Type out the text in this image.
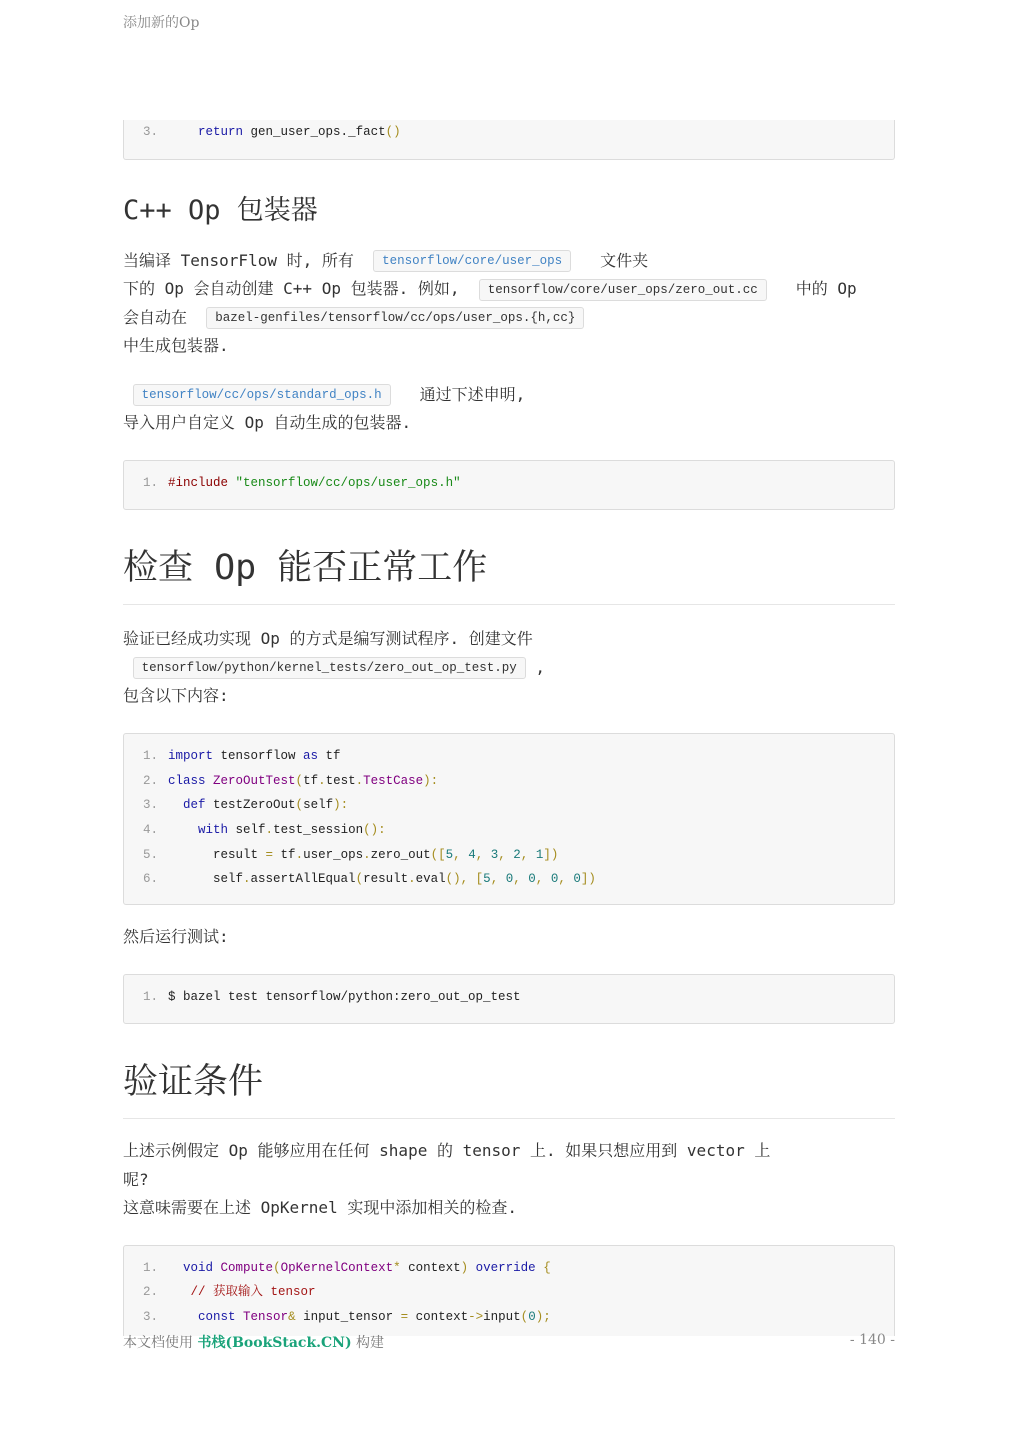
添加新的Op
3.	return gen_user_ops._fact()
C++ Op 包装器

当编译 TensorFlow 时, 所有 tensorflow/core/user_ops 文件夹

下的 Op 会自动创建 C++ Op 包装器. 例如, tensorflow/core/user_ops/zero_out.cc 中的 Op

会自动在 bazel-genfiles/tensorflow/cc/ops/user_ops.{h,cc}

中生成包装器.

tensorflow/cc/ops/standard_ops.h 通过下述申明,

导入用户自定义 Op 自动生成的包装器.

1. #include "tensorflow/cc/ops/user_ops.h"
检查 Op 能否正常工作

验证已经成功实现 Op 的方式是编写测试程序. 创建文件

tensorflow/python/kernel_tests/zero_out_op_test.py ,

包含以下内容:

1. import tensorflow as tf
2. class ZeroOutTest(tf.test.TestCase):
3. def testZeroOut(self):
4.	with self.test_session():
5.      result = tf.user_ops.zero_out([5, 4, 3, 2, 1])
6.      self.assertAllEqual(result.eval(), [5, 0, 0, 0, 0])

然后运行测试:

1. $ bazel test tensorflow/python:zero_out_op_test
验证条件

上述示例假定 Op 能够应用在任何 shape 的 tensor 上. 如果只想应用到 vector 上

呢?

这意味需要在上述 OpKernel 实现中添加相关的检查.

1. void Compute(OpKernelContext* context) override {
2.	// 获取输入 tensor
3.	const Tensor& input_tensor = context->input(0);
本文档使用 书栈(BookStack.CN) 构建	- 140 -
